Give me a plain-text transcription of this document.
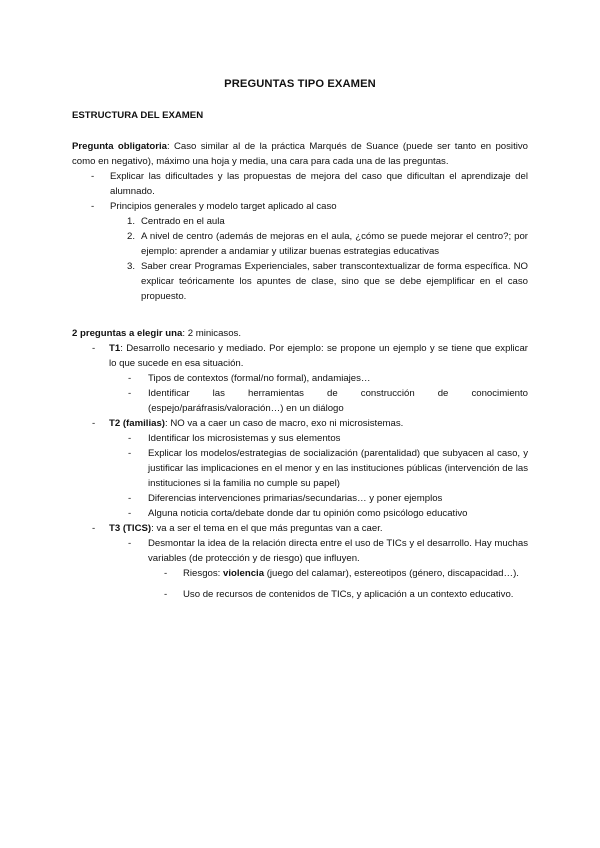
PREGUNTAS TIPO EXAMEN

ESTRUCTURA DEL EXAMEN

Pregunta obligatoria: Caso similar al de la práctica Marqués de Suance (puede ser tanto en positivo como en negativo), máximo una hoja y media, una cara para cada una de las preguntas.

- Explicar las dificultades y las propuestas de mejora del caso que dificultan el aprendizaje del alumnado.
- Principios generales y modelo target aplicado al caso
1. Centrado en el aula
2. A nivel de centro (además de mejoras en el aula, ¿cómo se puede mejorar el centro?; por ejemplo: aprender a andamiar y utilizar buenas estrategias educativas
3. Saber crear Programas Experienciales, saber transcontextualizar de forma específica. NO explicar teóricamente los apuntes de clase, sino que se debe ejemplificar en el caso propuesto.

2 preguntas a elegir una: 2 minicasos.

- T1: Desarrollo necesario y mediado. Por ejemplo: se propone un ejemplo y se tiene que explicar lo que sucede en esa situación.
- Tipos de contextos (formal/no formal), andamiajes…
- Identificar las herramientas de construcción de conocimiento (espejo/paráfrasis/valoración…) en un diálogo
- T2 (familias): NO va a caer un caso de macro, exo ni microsistemas.
- Identificar los microsistemas y sus elementos
- Explicar los modelos/estrategias de socialización (parentalidad) que subyacen al caso, y justificar las implicaciones en el menor y en las instituciones públicas (intervención de las instituciones si la familia no cumple su papel)
- Diferencias intervenciones primarias/secundarias… y poner ejemplos
- Alguna noticia corta/debate donde dar tu opinión como psicólogo educativo
- T3 (TICS): va a ser el tema en el que más preguntas van a caer.
- Desmontar la idea de la relación directa entre el uso de TICs y el desarrollo. Hay muchas variables (de protección y de riesgo) que influyen.
- Riesgos: violencia (juego del calamar), estereotipos (género, discapacidad…).
- Uso de recursos de contenidos de TICs, y aplicación a un contexto educativo.
